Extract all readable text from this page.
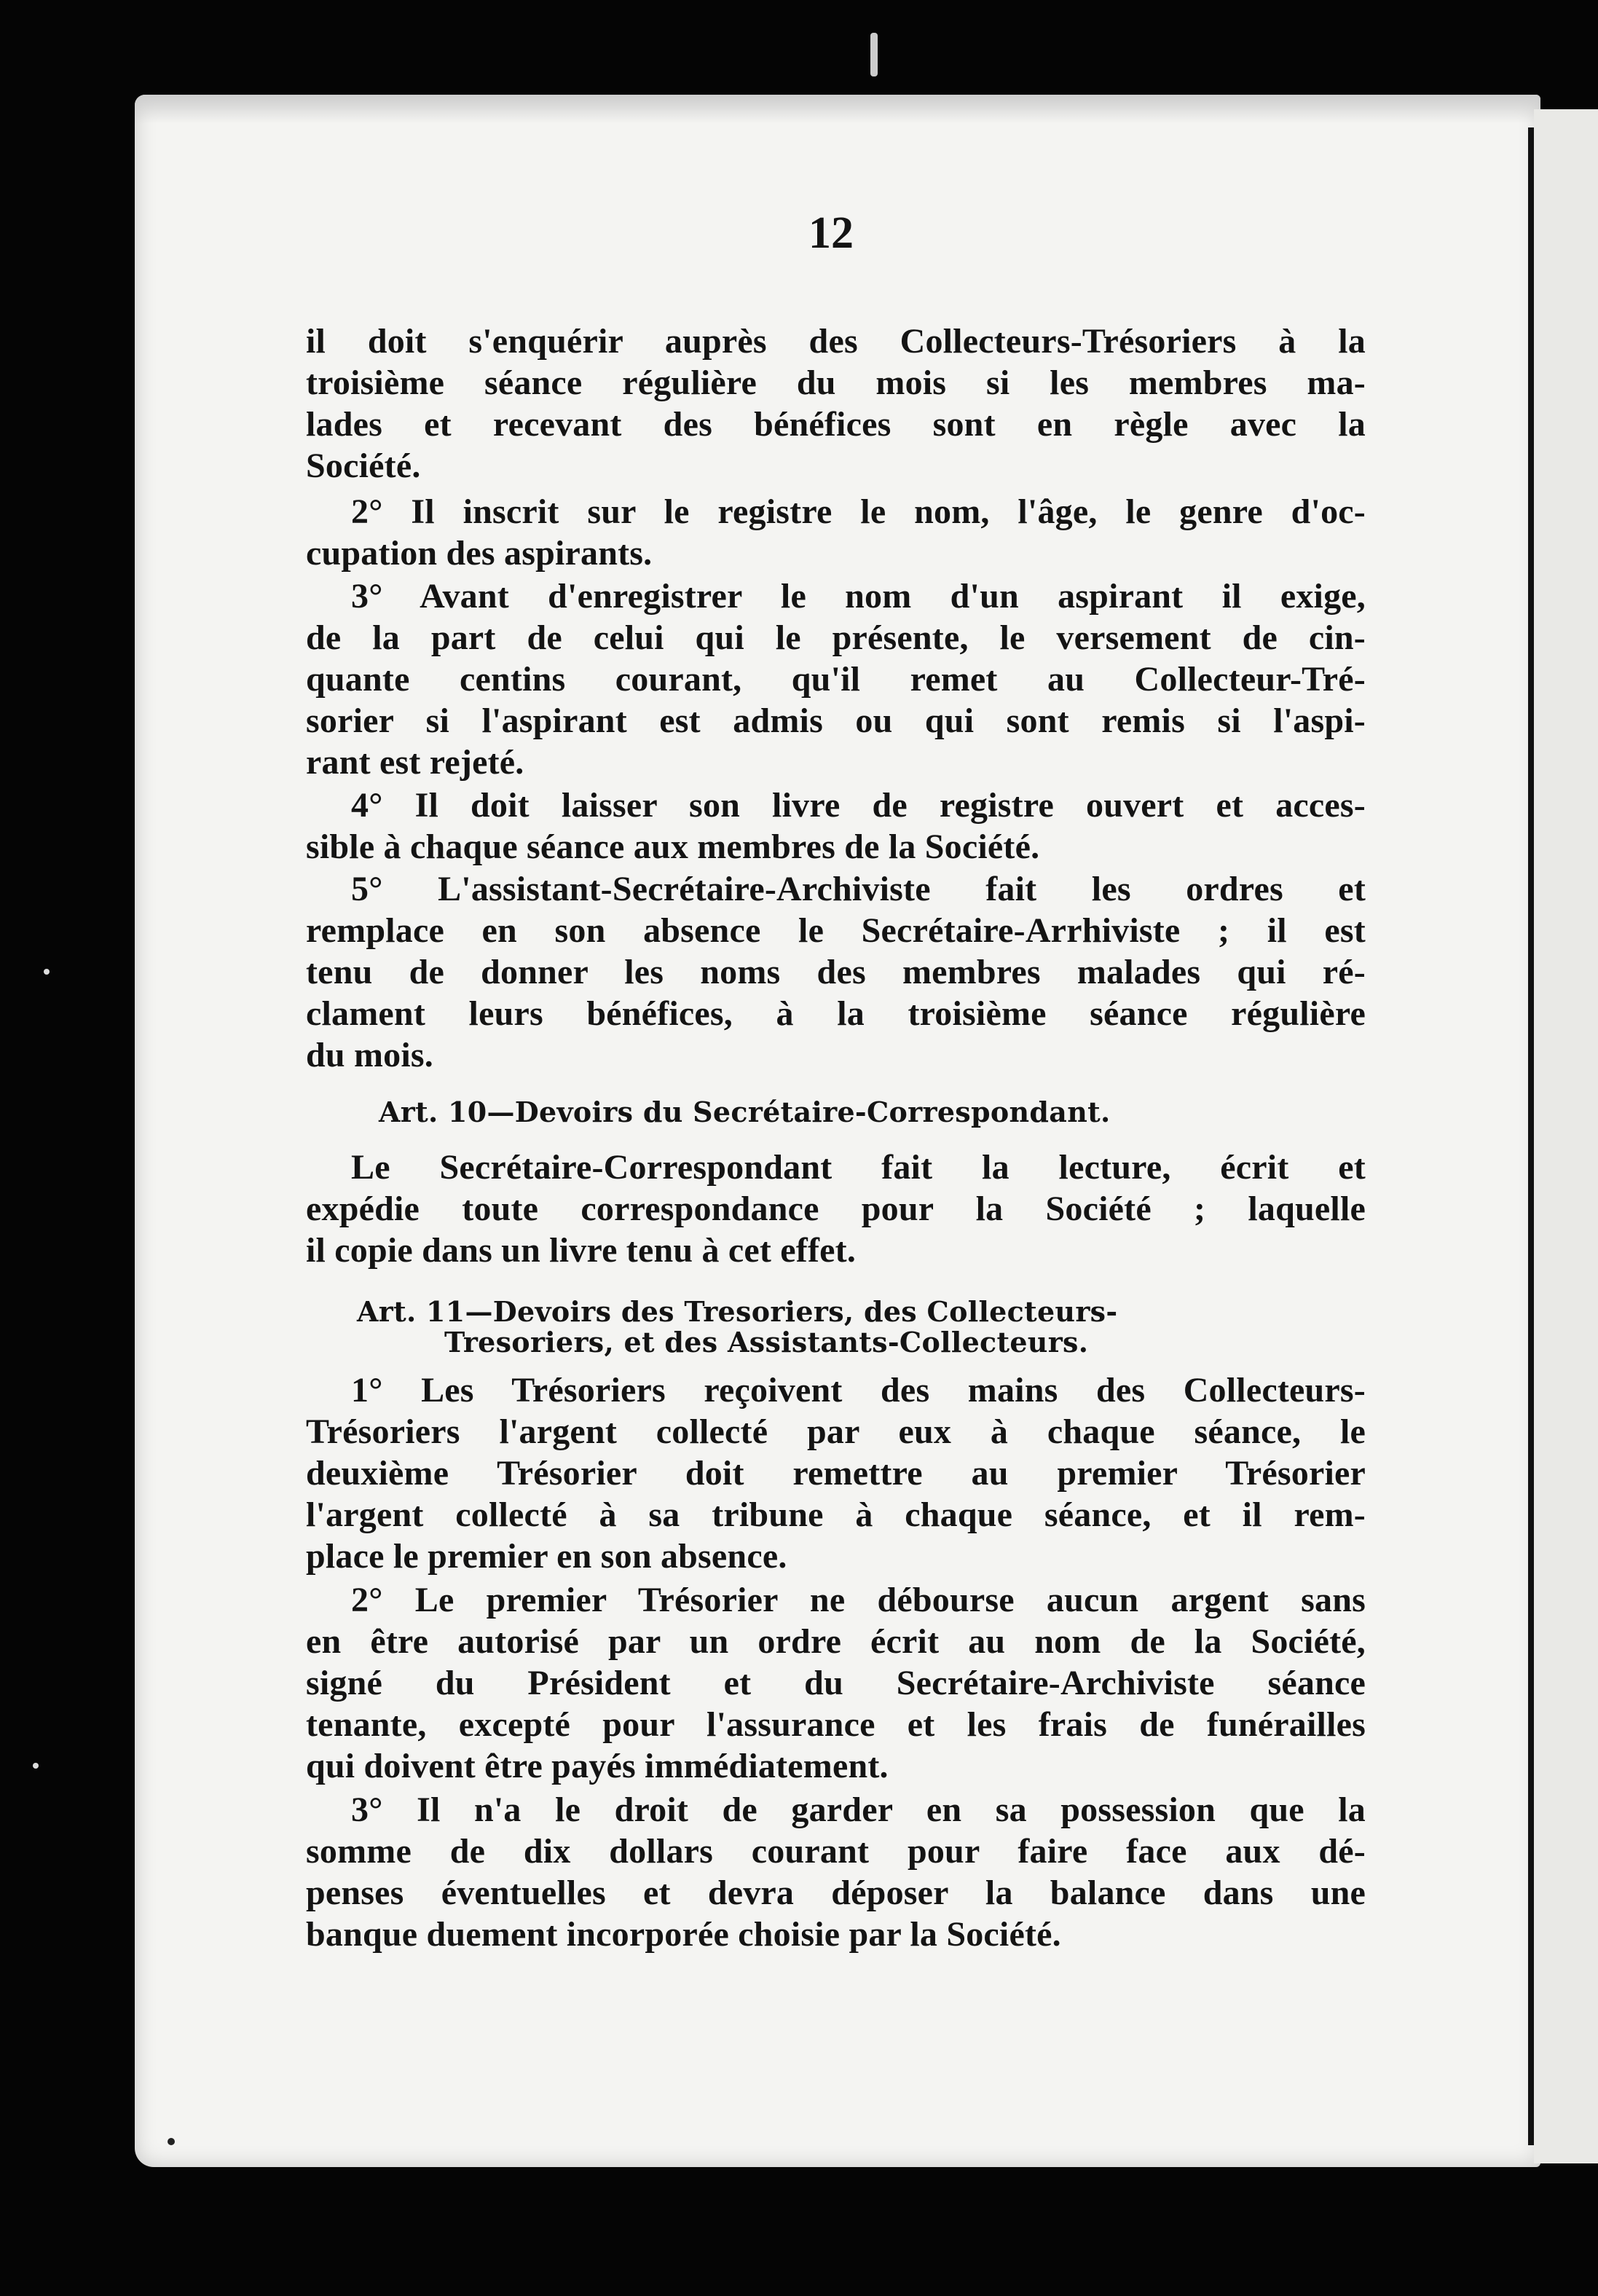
12
il doit s'enquérir auprès des Collecteurs-Trésoriers à la
troisième séance régulière du mois si les membres ma-
lades et recevant des bénéfices sont en règle avec la
Société.
2° Il inscrit sur le registre le nom, l'âge, le genre d'oc-
cupation des aspirants.
3° Avant d'enregistrer le nom d'un aspirant il exige,
de la part de celui qui le présente, le versement de cin-
quante centins courant, qu'il remet au Collecteur-Tré-
sorier si l'aspirant est admis ou qui sont remis si l'aspi-
rant est rejeté.
4° Il doit laisser son livre de registre ouvert et acces-
sible à chaque séance aux membres de la Société.
5° L'assistant-Secrétaire-Archiviste fait les ordres et
remplace en son absence le Secrétaire-Arrhiviste ; il est
tenu de donner les noms des membres malades qui ré-
clament leurs bénéfices, à la troisième séance régulière
du mois.
Art. 10—Devoirs du Secrétaire-Correspondant.
Le Secrétaire-Correspondant fait la lecture, écrit et
expédie toute correspondance pour la Société ; laquelle
il copie dans un livre tenu à cet effet.
Art. 11—Devoirs des Tresoriers, des Collecteurs-
Tresoriers, et des Assistants-Collecteurs.
1° Les Trésoriers reçoivent des mains des Collecteurs-
Trésoriers l'argent collecté par eux à chaque séance, le
deuxième Trésorier doit remettre au premier Trésorier
l'argent collecté à sa tribune à chaque séance, et il rem-
place le premier en son absence.
2° Le premier Trésorier ne débourse aucun argent sans
en être autorisé par un ordre écrit au nom de la Société,
signé du Président et du Secrétaire-Archiviste séance
tenante, excepté pour l'assurance et les frais de funérailles
qui doivent être payés immédiatement.
3° Il n'a le droit de garder en sa possession que la
somme de dix dollars courant pour faire face aux dé-
penses éventuelles et devra déposer la balance dans une
banque duement incorporée choisie par la Société.
